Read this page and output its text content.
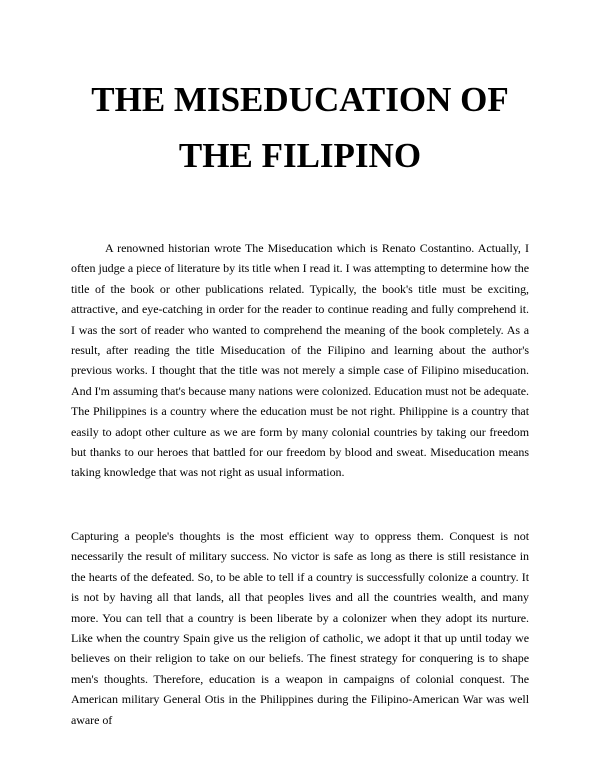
THE MISEDUCATION OF
THE FILIPINO

A renowned historian wrote The Miseducation which is Renato Costantino. Actually, I often judge a piece of literature by its title when I read it. I was attempting to determine how the title of the book or other publications related. Typically, the book's title must be exciting, attractive, and eye-catching in order for the reader to continue reading and fully comprehend it. I was the sort of reader who wanted to comprehend the meaning of the book completely. As a result, after reading the title Miseducation of the Filipino and learning about the author's previous works. I thought that the title was not merely a simple case of Filipino miseducation. And I'm assuming that's because many nations were colonized. Education must not be adequate. The Philippines is a country where the education must be not right. Philippine is a country that easily to adopt other culture as we are form by many colonial countries by taking our freedom but thanks to our heroes that battled for our freedom by blood and sweat. Miseducation means taking knowledge that was not right as usual information.

Capturing a people's thoughts is the most efficient way to oppress them. Conquest is not necessarily the result of military success. No victor is safe as long as there is still resistance in the hearts of the defeated. So, to be able to tell if a country is successfully colonize a country. It is not by having all that lands, all that peoples lives and all the countries wealth, and many more. You can tell that a country is been liberate by a colonizer when they adopt its nurture. Like when the country Spain give us the religion of catholic, we adopt it that up until today we believes on their religion to take on our beliefs. The finest strategy for conquering is to shape men's thoughts. Therefore, education is a weapon in campaigns of colonial conquest. The American military General Otis in the Philippines during the Filipino-American War was well aware of
